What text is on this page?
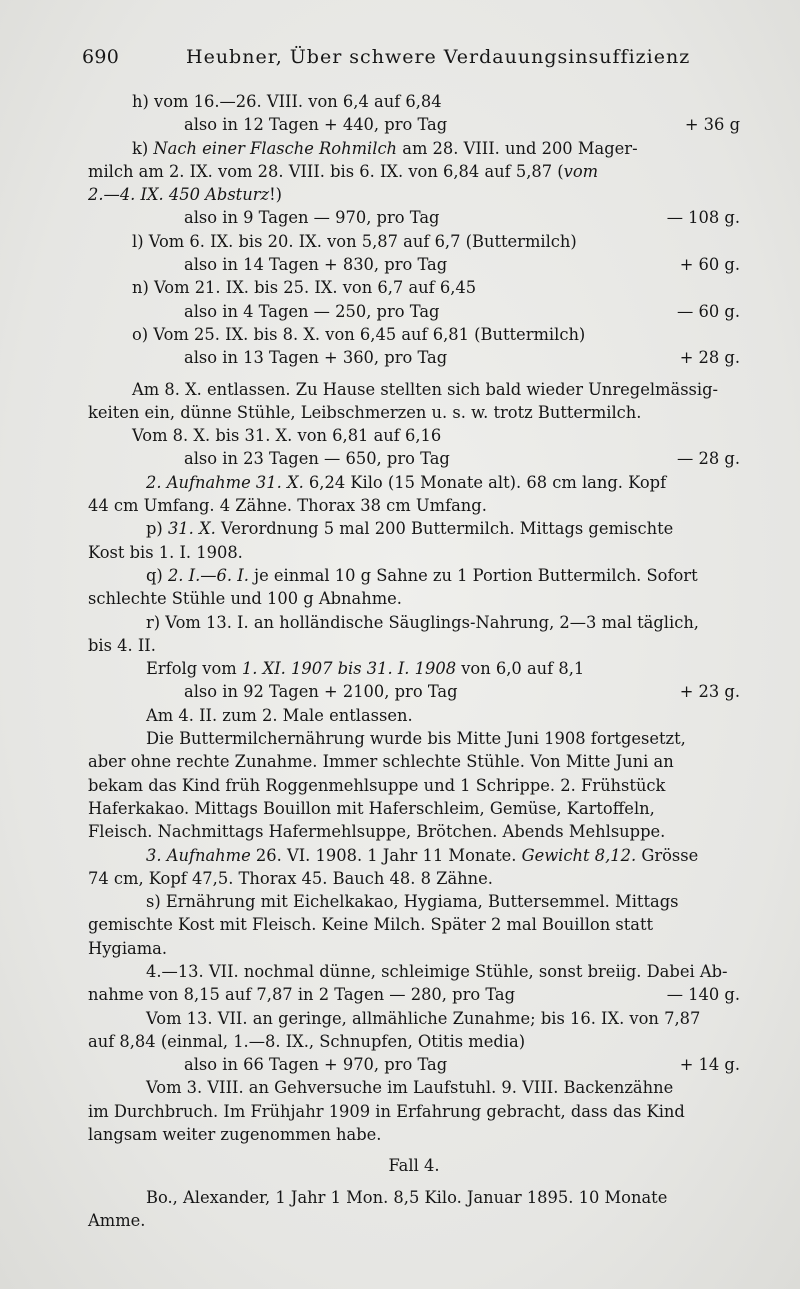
690	Heubner, Über schwere Verdauungsinsuffizienz
h) vom 16.—26. VIII. von 6,4 auf 6,84
also in 12 Tagen + 440, pro Tag	+ 36 g
k) Nach einer Flasche Rohmilch am 28. VIII. und 200 Mager-
milch am 2. IX. vom 28. VIII. bis 6. IX. von 6,84 auf 5,87 (vom
2.—4. IX. 450 Absturz!)
also in 9 Tagen — 970, pro Tag	— 108 g.
l) Vom 6. IX. bis 20. IX. von 5,87 auf 6,7 (Buttermilch)
also in 14 Tagen + 830, pro Tag	+ 60 g.
n) Vom 21. IX. bis 25. IX. von 6,7 auf 6,45
also in 4 Tagen — 250, pro Tag	— 60 g.
o) Vom 25. IX. bis 8. X. von 6,45 auf 6,81 (Buttermilch)
also in 13 Tagen + 360, pro Tag	+ 28 g.
Am 8. X. entlassen. Zu Hause stellten sich bald wieder Unregelmässig-
keiten ein, dünne Stühle, Leibschmerzen u. s. w. trotz Buttermilch.
Vom 8. X. bis 31. X. von 6,81 auf 6,16
also in 23 Tagen — 650, pro Tag	— 28 g.
2. Aufnahme 31. X. 6,24 Kilo (15 Monate alt). 68 cm lang. Kopf
44 cm Umfang. 4 Zähne. Thorax 38 cm Umfang.
p) 31. X. Verordnung 5 mal 200 Buttermilch. Mittags gemischte
Kost bis 1. I. 1908.
q) 2. I.—6. I. je einmal 10 g Sahne zu 1 Portion Buttermilch. Sofort
schlechte Stühle und 100 g Abnahme.
r) Vom 13. I. an holländische Säuglings-Nahrung, 2—3 mal täglich,
bis 4. II.
Erfolg vom 1. XI. 1907 bis 31. I. 1908 von 6,0 auf 8,1
also in 92 Tagen + 2100, pro Tag	+ 23 g.
Am 4. II. zum 2. Male entlassen.
Die Buttermilchernährung wurde bis Mitte Juni 1908 fortgesetzt,
aber ohne rechte Zunahme. Immer schlechte Stühle. Von Mitte Juni an
bekam das Kind früh Roggenmehlsuppe und 1 Schrippe. 2. Frühstück
Haferkakao. Mittags Bouillon mit Haferschleim, Gemüse, Kartoffeln,
Fleisch. Nachmittags Hafermehlsuppe, Brötchen. Abends Mehlsuppe.
3. Aufnahme 26. VI. 1908. 1 Jahr 11 Monate. Gewicht 8,12. Grösse
74 cm, Kopf 47,5. Thorax 45. Bauch 48. 8 Zähne.
s) Ernährung mit Eichelkakao, Hygiama, Buttersemmel. Mittags
gemischte Kost mit Fleisch. Keine Milch. Später 2 mal Bouillon statt
Hygiama.
4.—13. VII. nochmal dünne, schleimige Stühle, sonst breiig. Dabei Ab-
nahme von 8,15 auf 7,87 in 2 Tagen — 280, pro Tag	— 140 g.
Vom 13. VII. an geringe, allmähliche Zunahme; bis 16. IX. von 7,87
auf 8,84 (einmal, 1.—8. IX., Schnupfen, Otitis media)
also in 66 Tagen + 970, pro Tag	+ 14 g.
Vom 3. VIII. an Gehversuche im Laufstuhl. 9. VIII. Backenzähne
im Durchbruch. Im Frühjahr 1909 in Erfahrung gebracht, dass das Kind
langsam weiter zugenommen habe.
Fall 4.
Bo., Alexander, 1 Jahr 1 Mon. 8,5 Kilo. Januar 1895. 10 Monate
Amme.
